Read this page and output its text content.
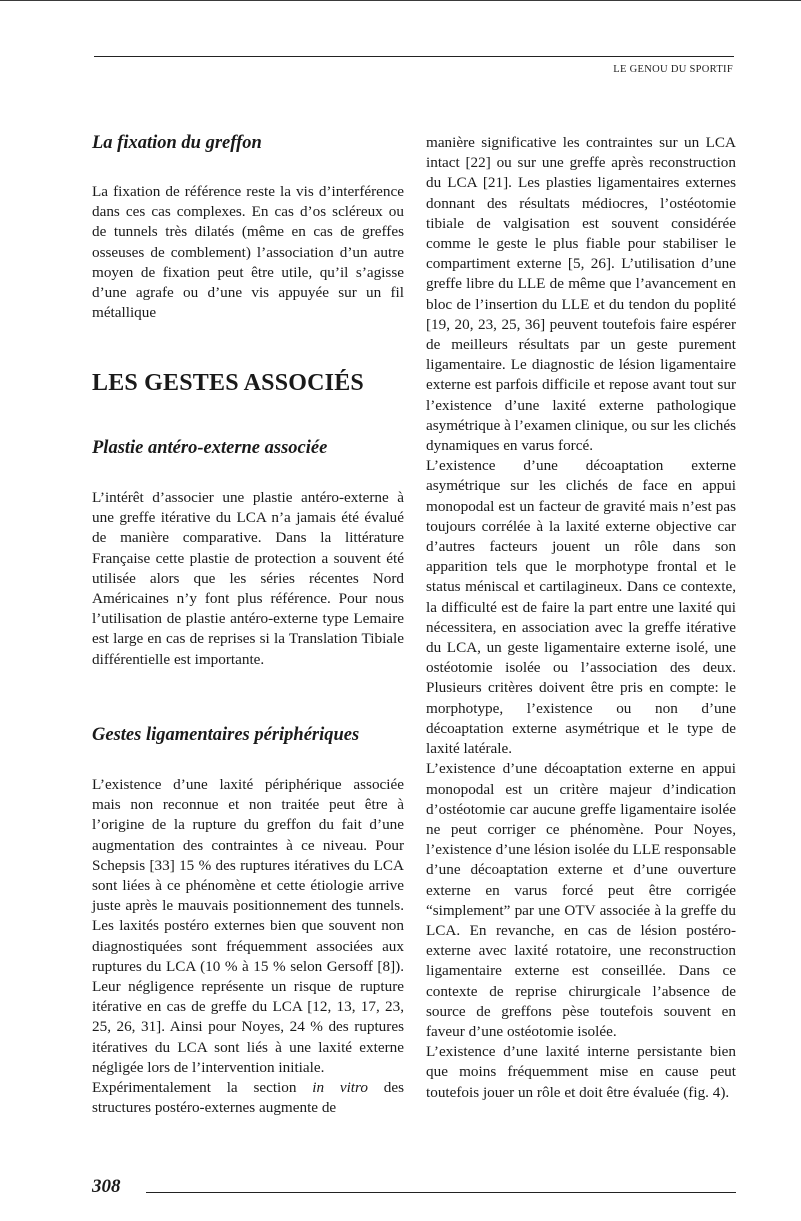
LE GENOU DU SPORTIF
La fixation du greffon

La fixation de référence reste la vis d’interférence dans ces cas complexes. En cas d’os scléreux ou de tunnels très dilatés (même en cas de greffes osseuses de comblement) l’association d’un autre moyen de fixation peut être utile, qu’il s’agisse d’une agrafe ou d’une vis appuyée sur un fil métallique

LES GESTES ASSOCIÉS
Plastie antéro-externe associée

L’intérêt d’associer une plastie antéro-externe à une greffe itérative du LCA n’a jamais été évalué de manière comparative. Dans la littérature Française cette plastie de protection a souvent été utilisée alors que les séries récentes Nord Américaines n’y font plus référence. Pour nous l’utilisation de plastie antéro-externe type Lemaire est large en cas de reprises si la Translation Tibiale différentielle est importante.

Gestes ligamentaires périphériques

L’existence d’une laxité périphérique associée mais non reconnue et non traitée peut être à l’origine de la rupture du greffon du fait d’une augmentation des contraintes à ce niveau. Pour Schepsis [33] 15 % des ruptures itératives du LCA sont liées à ce phénomène et cette étiologie arrive juste après le mauvais positionnement des tunnels. Les laxités postéro externes bien que souvent non diagnostiquées sont fréquemment associées aux ruptures du LCA (10 % à 15 % selon Gersoff [8]). Leur négligence représente un risque de rupture itérative en cas de greffe du LCA [12, 13, 17, 23, 25, 26, 31]. Ainsi pour Noyes, 24 % des ruptures itératives du LCA sont liés à une laxité externe négligée lors de l’intervention initiale.

Expérimentalement la section in vitro des structures postéro-externes augmente de

manière significative les contraintes sur un LCA intact [22] ou sur une greffe après reconstruction du LCA [21]. Les plasties ligamentaires externes donnant des résultats médiocres, l’ostéotomie tibiale de valgisation est souvent considérée comme le geste le plus fiable pour stabiliser le compartiment externe [5, 26]. L’utilisation d’une greffe libre du LLE de même que l’avancement en bloc de l’insertion du LLE et du tendon du poplité [19, 20, 23, 25, 36] peuvent toutefois faire espérer de meilleurs résultats par un geste purement ligamentaire. Le diagnostic de lésion ligamentaire externe est parfois difficile et repose avant tout sur l’existence d’une laxité externe pathologique asymétrique à l’examen clinique, ou sur les clichés dynamiques en varus forcé.

L’existence d’une décoaptation externe asymétrique sur les clichés de face en appui monopodal est un facteur de gravité mais n’est pas toujours corrélée à la laxité externe objective car d’autres facteurs jouent un rôle dans son apparition tels que le morphotype frontal et le status méniscal et cartilagineux. Dans ce contexte, la difficulté est de faire la part entre une laxité qui nécessitera, en association avec la greffe itérative du LCA, un geste ligamentaire externe isolé, une ostéotomie isolée ou l’association des deux. Plusieurs critères doivent être pris en compte: le morphotype, l’existence ou non d’une décoaptation externe asymétrique et le type de laxité latérale.

L’existence d’une décoaptation externe en appui monopodal est un critère majeur d’indication d’ostéotomie car aucune greffe ligamentaire isolée ne peut corriger ce phénomène. Pour Noyes, l’existence d’une lésion isolée du LLE responsable d’une décoaptation externe et d’une ouverture externe en varus forcé peut être corrigée “simplement” par une OTV associée à la greffe du LCA. En revanche, en cas de lésion postéro-externe avec laxité rotatoire, une reconstruction ligamentaire externe est conseillée. Dans ce contexte de reprise chirurgicale l’absence de source de greffons pèse toutefois souvent en faveur d’une ostéotomie isolée.

L’existence d’une laxité interne persistante bien que moins fréquemment mise en cause peut toutefois jouer un rôle et doit être évaluée (fig. 4).

308
